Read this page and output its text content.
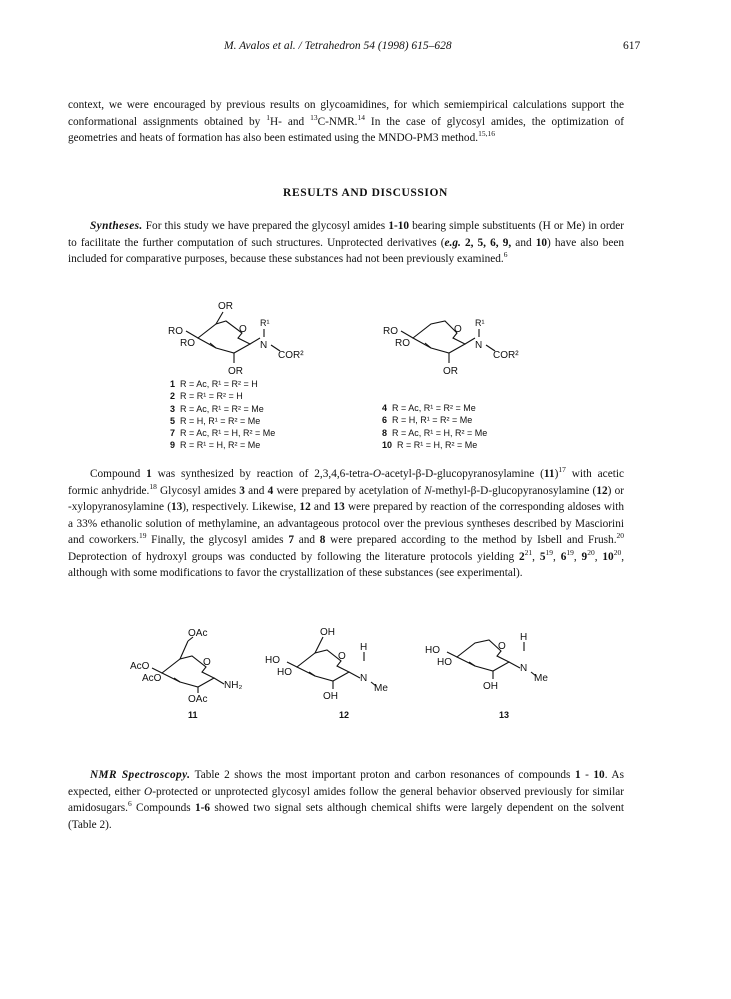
M. Avalos et al. / Tetrahedron 54 (1998) 615–628	617

context, we were encouraged by previous results on glycoamidines, for which semiempirical calculations support the conformational assignments obtained by $^1$H- and $^{13}$C-NMR.$^{14}$ In the case of glycosyl amides, the optimization of geometries and heats of formation has also been estimated using the MNDO-PM3 method.$^{15,16}$

RESULTS AND DISCUSSION

Syntheses. For this study we have prepared the glycosyl amides 1-10 bearing simple substituents (H or Me) in order to facilitate the further computation of such structures. Unprotected derivatives (e.g. 2, 5, 6, 9, and 10) have also been included for comparative purposes, because these substances had not been previously examined.$^6$

OR
RO
RO
O
R¹
N
COR²
OR
RO
RO
O
R¹
N
COR²
OR
1 R = Ac, R¹ = R² = H
2 R = R¹ = R² = H
3 R = Ac, R¹ = R² = Me
5 R = H, R¹ = R² = Me
7 R = Ac, R¹ = H, R² = Me
9 R = R¹ = H, R² = Me
4 R = Ac, R¹ = R² = Me
6 R = H, R¹ = R² = Me
8 R = Ac, R¹ = H, R² = Me
10 R = R¹ = H, R² = Me

Compound 1 was synthesized by reaction of 2,3,4,6-tetra-O-acetyl-β-D-glucopyranosylamine $(11)^{17}$ with acetic formic anhydride.$^{18}$ Glycosyl amides 3 and 4 were prepared by acetylation of N-methyl-β-D-glucopyranosylamine (12) or -xylopyranosylamine (13), respectively. Likewise, 12 and 13 were prepared by reaction of the corresponding aldoses with a 33% ethanolic solution of methylamine, an advantageous protocol over the previous syntheses described by Masciorini and coworkers.$^{19}$ Finally, the glycosyl amides 7 and 8 were prepared according to the method by Isbell and Frush.$^{20}$ Deprotection of hydroxyl groups was conducted by following the literature protocols yielding $2^{21}$, $5^{19}$, $6^{19}$, $9^{20}$, $10^{20}$, although with some modifications to favor the crystallization of these substances (see experimental).

OAc
AcO
AcO
O
NH₂
OAc
OH
HO
HO
O
H
N
Me
OH
HO
HO
O
H
N
Me
OH
11	12	13

NMR Spectroscopy. Table 2 shows the most important proton and carbon resonances of compounds 1 - 10. As expected, either O-protected or unprotected glycosyl amides follow the general behavior observed previously for similar amidosugars.$^6$ Compounds 1-6 showed two signal sets although chemical shifts were largely dependent on the solvent (Table 2).
